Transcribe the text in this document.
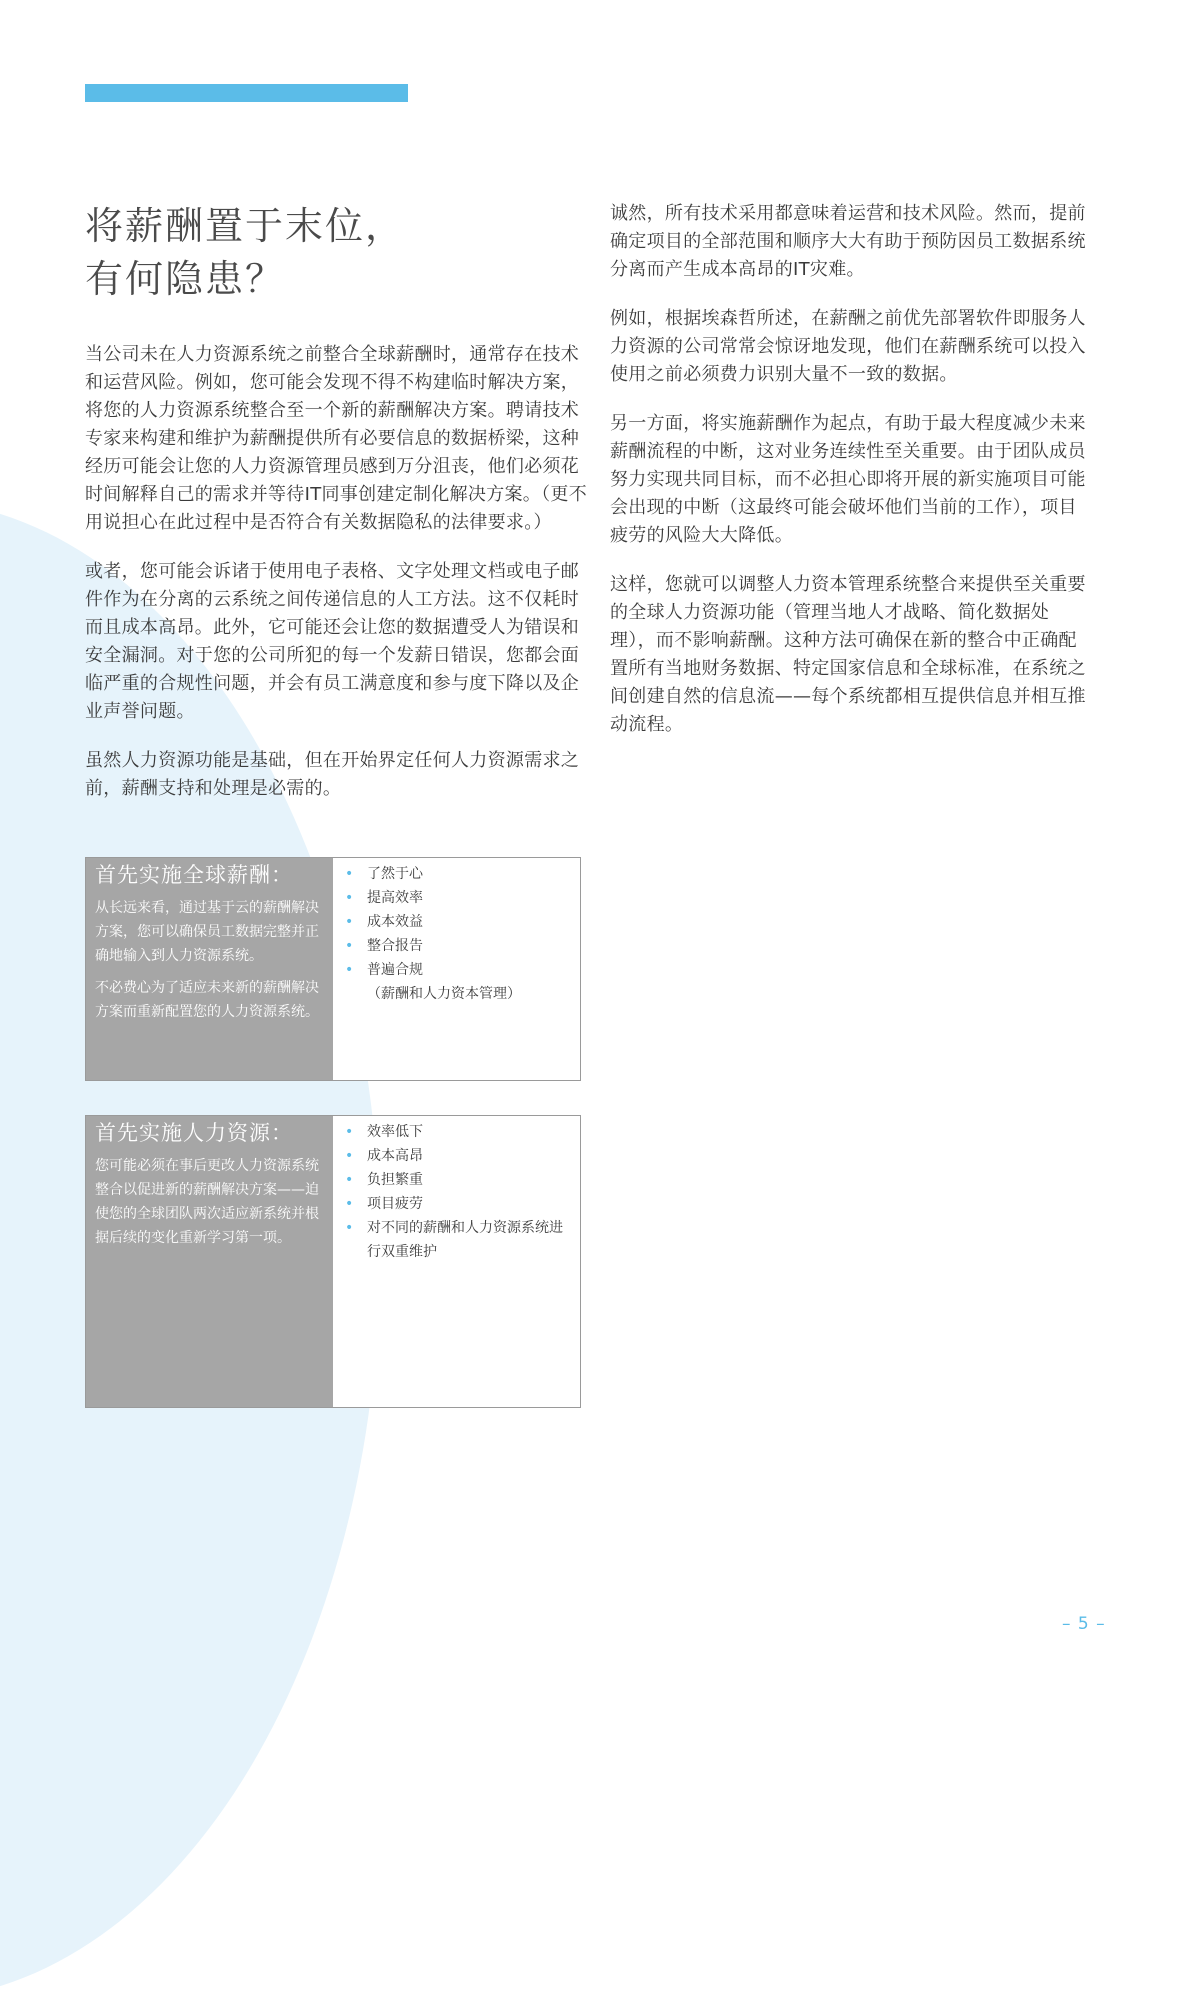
将薪酬置于末位，
有何隐患？

当公司未在人力资源系统之前整合全球薪酬时，通常存在技术和运营风险。例如，您可能会发现不得不构建临时解决方案，将您的人力资源系统整合至一个新的薪酬解决方案。聘请技术专家来构建和维护为薪酬提供所有必要信息的数据桥梁，这种经历可能会让您的人力资源管理员感到万分沮丧，他们必须花时间解释自己的需求并等待IT同事创建定制化解决方案。（更不用说担心在此过程中是否符合有关数据隐私的法律要求。）

或者，您可能会诉诸于使用电子表格、文字处理文档或电子邮件作为在分离的云系统之间传递信息的人工方法。这不仅耗时而且成本高昂。此外，它可能还会让您的数据遭受人为错误和安全漏洞。对于您的公司所犯的每一个发薪日错误，您都会面临严重的合规性问题，并会有员工满意度和参与度下降以及企业声誉问题。

虽然人力资源功能是基础，但在开始界定任何人力资源需求之前，薪酬支持和处理是必需的。

诚然，所有技术采用都意味着运营和技术风险。然而，提前确定项目的全部范围和顺序大大有助于预防因员工数据系统分离而产生成本高昂的IT灾难。

例如，根据埃森哲所述，在薪酬之前优先部署软件即服务人力资源的公司常常会惊讶地发现，他们在薪酬系统可以投入使用之前必须费力识别大量不一致的数据。

另一方面，将实施薪酬作为起点，有助于最大程度减少未来薪酬流程的中断，这对业务连续性至关重要。由于团队成员努力实现共同目标，而不必担心即将开展的新实施项目可能会出现的中断（这最终可能会破坏他们当前的工作），项目疲劳的风险大大降低。

这样，您就可以调整人力资本管理系统整合来提供至关重要的全球人力资源功能（管理当地人才战略、简化数据处理），而不影响薪酬。这种方法可确保在新的整合中正确配置所有当地财务数据、特定国家信息和全球标准，在系统之间创建自然的信息流——每个系统都相互提供信息并相互推动流程。

首先实施全球薪酬：

从长远来看，通过基于云的薪酬解决方案，您可以确保员工数据完整并正确地输入到人力资源系统。

不必费心为了适应未来新的薪酬解决方案而重新配置您的人力资源系统。

• 了然于心
• 提高效率
• 成本效益
• 整合报告
• 普遍合规
（薪酬和人力资本管理）
首先实施人力资源：

您可能必须在事后更改人力资源系统整合以促进新的薪酬解决方案——迫使您的全球团队两次适应新系统并根据后续的变化重新学习第一项。

• 效率低下
• 成本高昂
• 负担繁重
• 项目疲劳
• 对不同的薪酬和人力资源系统进行双重维护
– 5 –
